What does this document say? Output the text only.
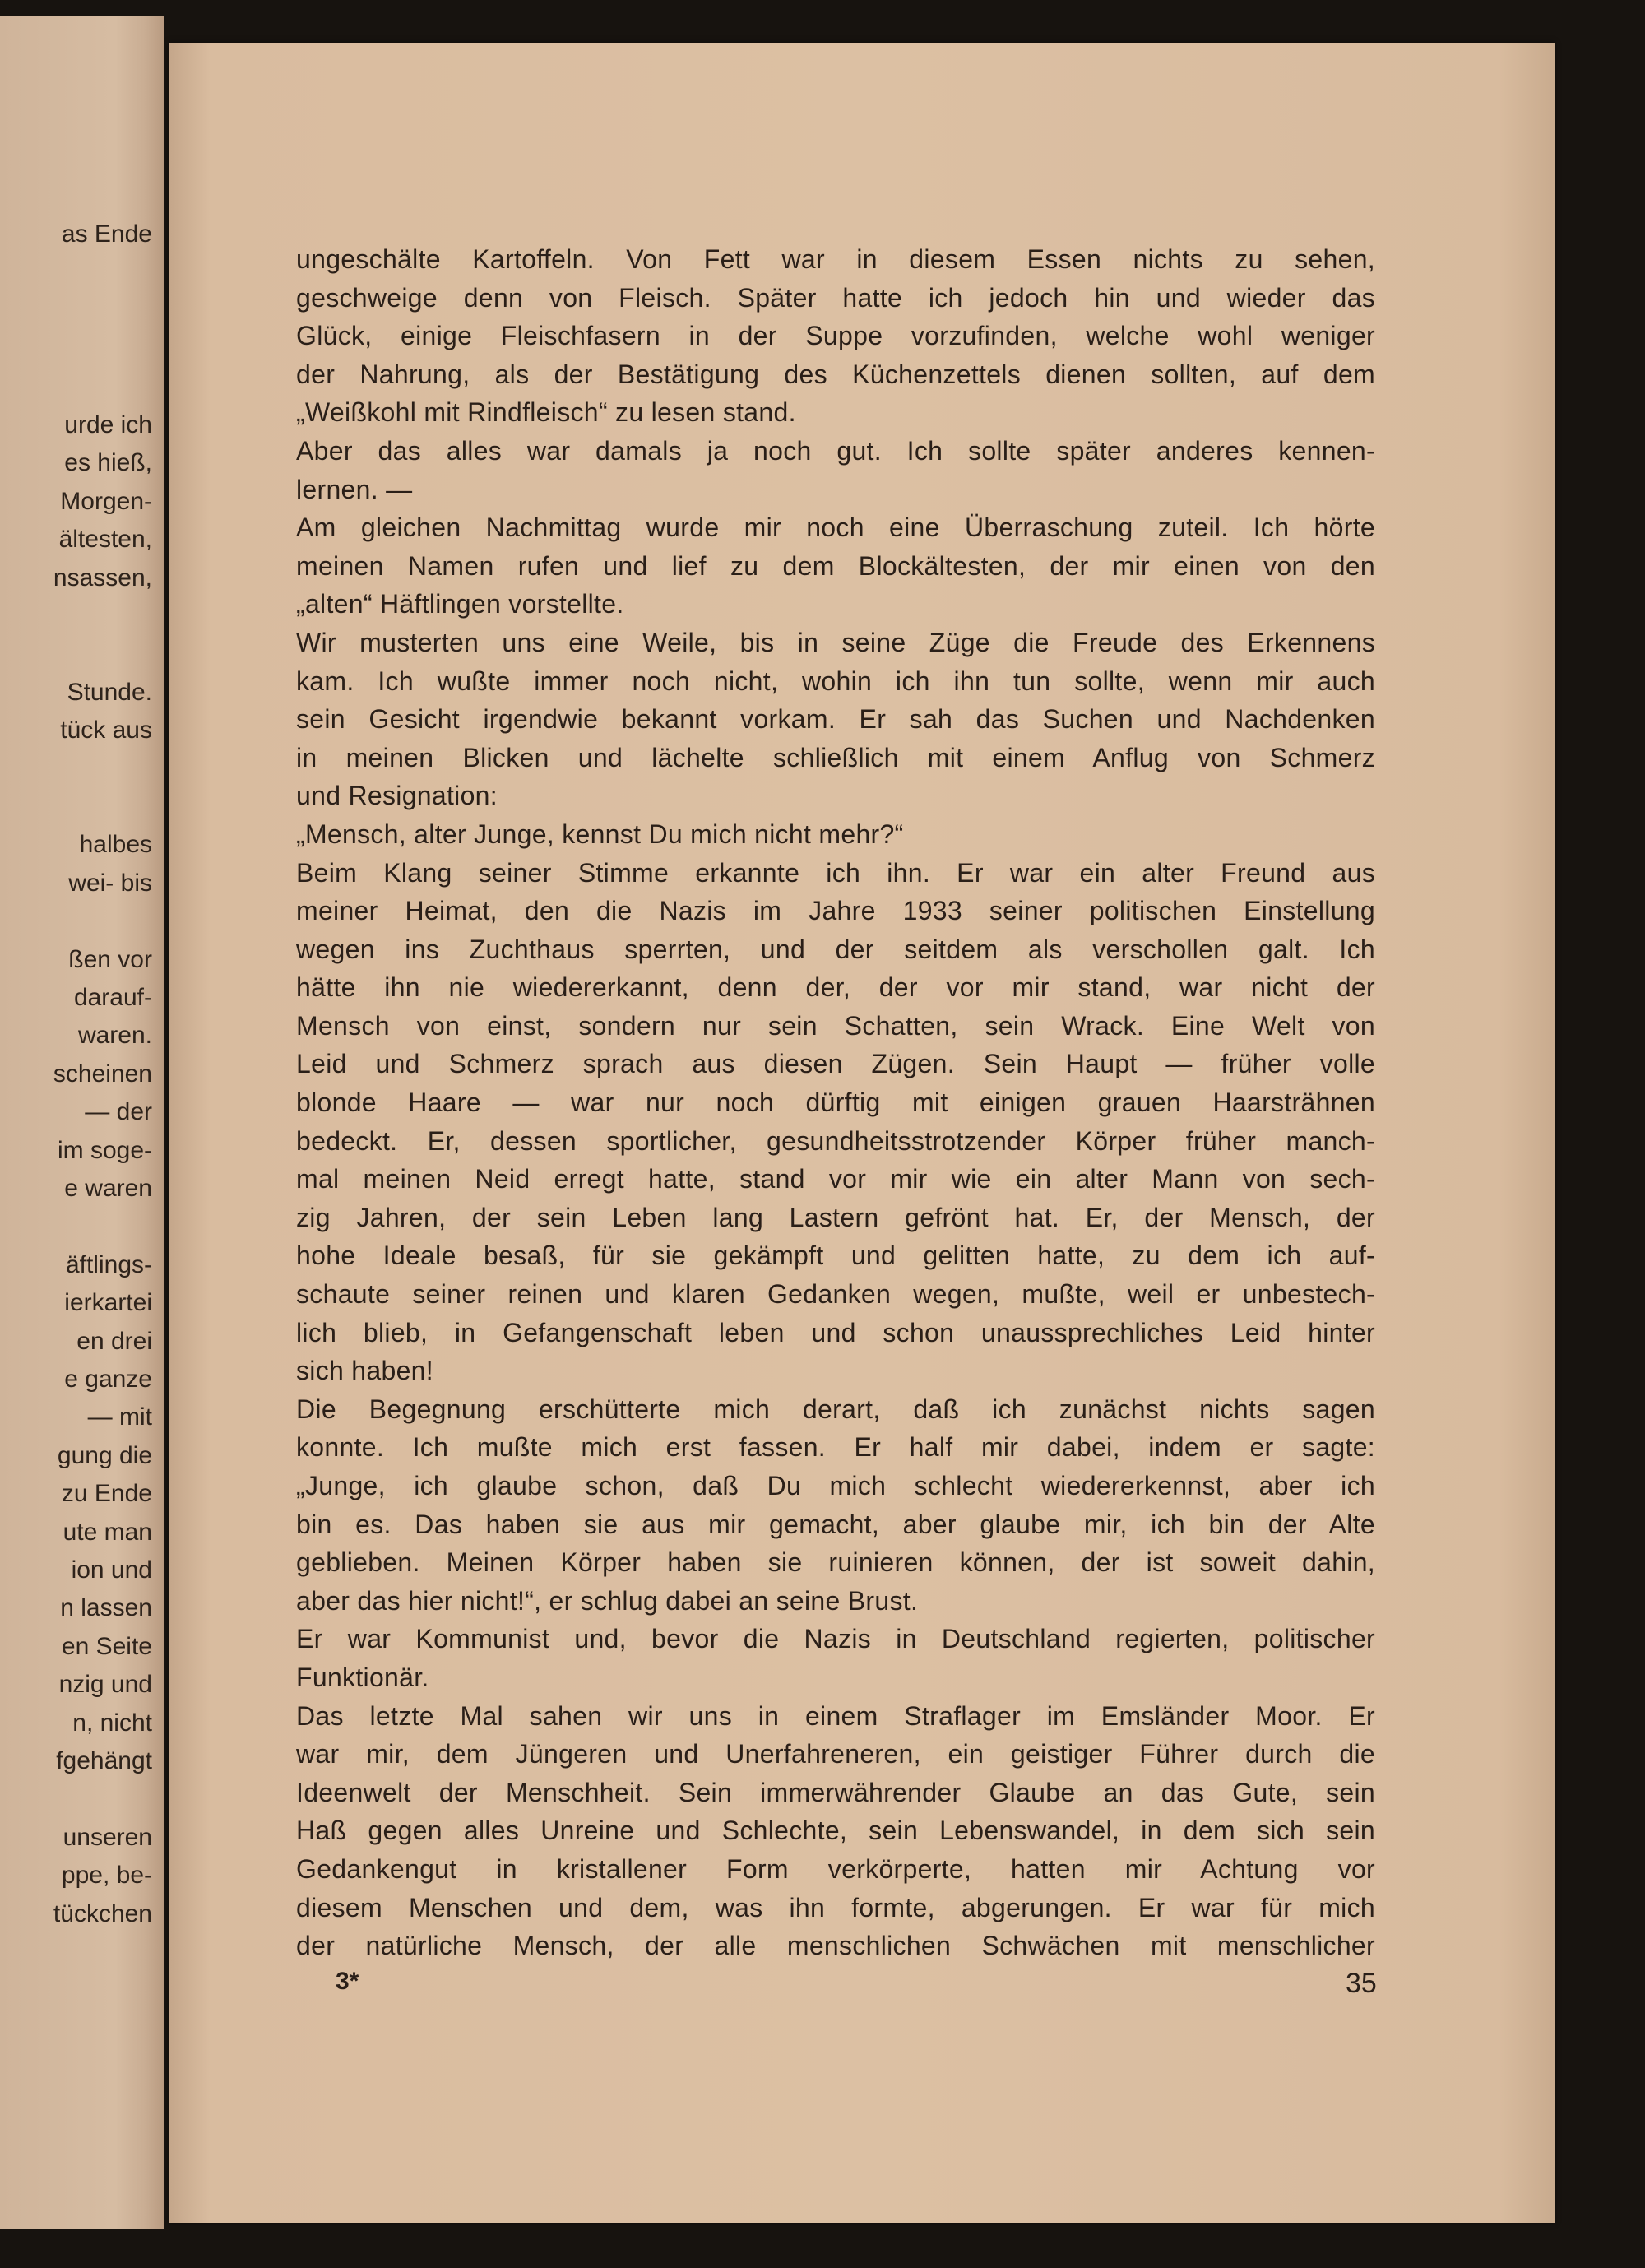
as Ende
urde ich
es hieß,
Morgen-
ältesten,
nsassen,
Stunde.
tück aus
halbes
wei- bis
ßen vor
darauf-
waren.
scheinen
— der
im soge-
e waren
äftlings-
ierkartei
en drei
e ganze
— mit
gung die
zu Ende
ute man
ion und
n lassen
en Seite
nzig und
n, nicht
fgehängt
unseren
ppe, be-
tückchen
ungeschälte Kartoffeln. Von Fett war in diesem Essen nichts zu sehen,
geschweige denn von Fleisch. Später hatte ich jedoch hin und wieder das
Glück, einige Fleischfasern in der Suppe vorzufinden, welche wohl weniger
der Nahrung, als der Bestätigung des Küchenzettels dienen sollten, auf dem
„Weißkohl mit Rindfleisch“ zu lesen stand.
Aber das alles war damals ja noch gut. Ich sollte später anderes kennen-
lernen. —
Am gleichen Nachmittag wurde mir noch eine Überraschung zuteil. Ich hörte
meinen Namen rufen und lief zu dem Blockältesten, der mir einen von den
„alten“ Häftlingen vorstellte.
Wir musterten uns eine Weile, bis in seine Züge die Freude des Erkennens
kam. Ich wußte immer noch nicht, wohin ich ihn tun sollte, wenn mir auch
sein Gesicht irgendwie bekannt vorkam. Er sah das Suchen und Nachdenken
in meinen Blicken und lächelte schließlich mit einem Anflug von Schmerz
und Resignation:
„Mensch, alter Junge, kennst Du mich nicht mehr?“
Beim Klang seiner Stimme erkannte ich ihn. Er war ein alter Freund aus
meiner Heimat, den die Nazis im Jahre 1933 seiner politischen Einstellung
wegen ins Zuchthaus sperrten, und der seitdem als verschollen galt. Ich
hätte ihn nie wiedererkannt, denn der, der vor mir stand, war nicht der
Mensch von einst, sondern nur sein Schatten, sein Wrack. Eine Welt von
Leid und Schmerz sprach aus diesen Zügen. Sein Haupt — früher volle
blonde Haare — war nur noch dürftig mit einigen grauen Haarsträhnen
bedeckt. Er, dessen sportlicher, gesundheitsstrotzender Körper früher manch-
mal meinen Neid erregt hatte, stand vor mir wie ein alter Mann von sech-
zig Jahren, der sein Leben lang Lastern gefrönt hat. Er, der Mensch, der
hohe Ideale besaß, für sie gekämpft und gelitten hatte, zu dem ich auf-
schaute seiner reinen und klaren Gedanken wegen, mußte, weil er unbestech-
lich blieb, in Gefangenschaft leben und schon unaussprechliches Leid hinter
sich haben!
Die Begegnung erschütterte mich derart, daß ich zunächst nichts sagen
konnte. Ich mußte mich erst fassen. Er half mir dabei, indem er sagte:
„Junge, ich glaube schon, daß Du mich schlecht wiedererkennst, aber ich
bin es. Das haben sie aus mir gemacht, aber glaube mir, ich bin der Alte
geblieben. Meinen Körper haben sie ruinieren können, der ist soweit dahin,
aber das hier nicht!“, er schlug dabei an seine Brust.
Er war Kommunist und, bevor die Nazis in Deutschland regierten, politischer
Funktionär.
Das letzte Mal sahen wir uns in einem Straflager im Emsländer Moor. Er
war mir, dem Jüngeren und Unerfahreneren, ein geistiger Führer durch die
Ideenwelt der Menschheit. Sein immerwährender Glaube an das Gute, sein
Haß gegen alles Unreine und Schlechte, sein Lebenswandel, in dem sich sein
Gedankengut in kristallener Form verkörperte, hatten mir Achtung vor
diesem Menschen und dem, was ihn formte, abgerungen. Er war für mich
der natürliche Mensch, der alle menschlichen Schwächen mit menschlicher
3*	35
